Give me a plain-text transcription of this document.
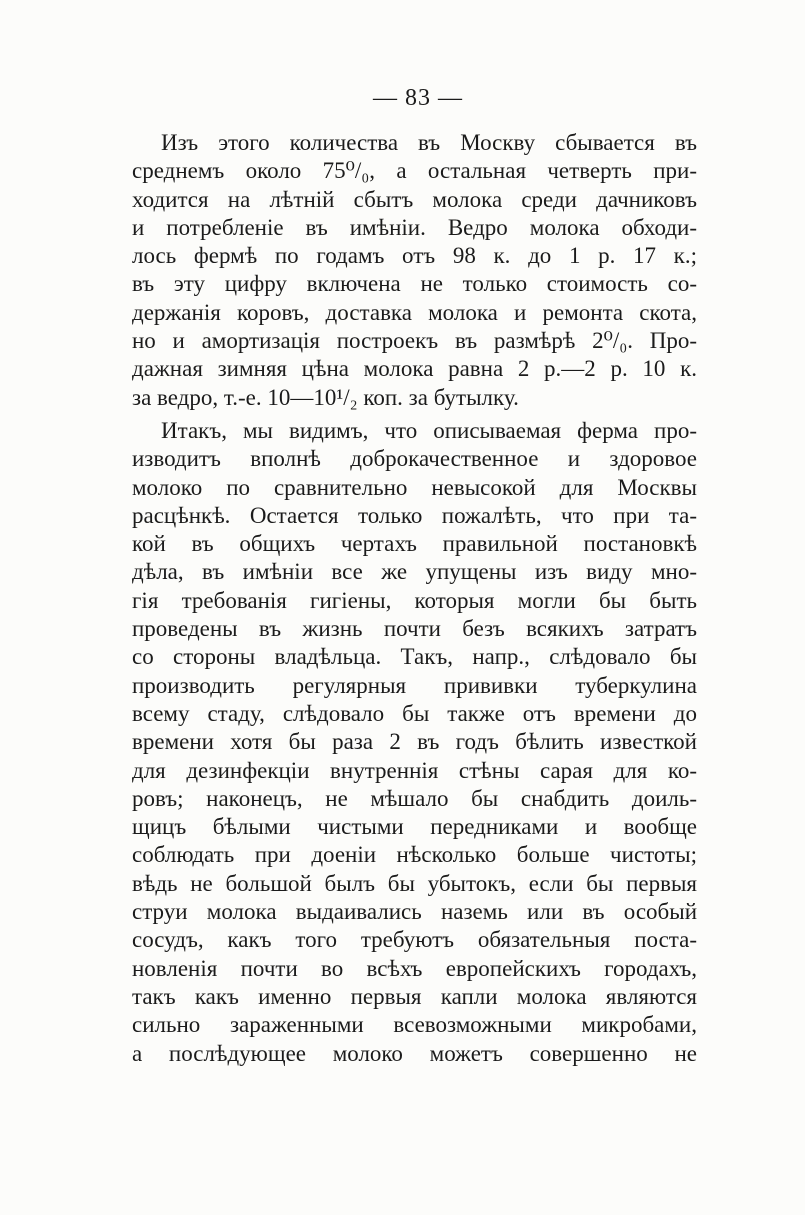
— 83 —
Изъ этого количества въ Москву сбывается въ
среднемъ около 75⁰/₀, а остальная четверть при-
ходится на лѣтній сбытъ молока среди дачниковъ
и потребленіе въ имѣніи. Ведро молока обходи-
лось фермѣ по годамъ отъ 98 к. до 1 р. 17 к.;
въ эту цифру включена не только стоимость со-
держанія коровъ, доставка молока и ремонта скота,
но и амортизація построекъ въ размѣрѣ 2⁰/₀. Про-
дажная зимняя цѣна молока равна 2 р.—2 р. 10 к.
за ведро, т.-е. 10—10¹/₂ коп. за бутылку.
Итакъ, мы видимъ, что описываемая ферма про-
изводитъ вполнѣ доброкачественное и здоровое
молоко по сравнительно невысокой для Москвы
расцѣнкѣ. Остается только пожалѣть, что при та-
кой въ общихъ чертахъ правильной постановкѣ
дѣла, въ имѣніи все же упущены изъ виду мно-
гія требованія гигіены, которыя могли бы быть
проведены въ жизнь почти безъ всякихъ затратъ
со стороны владѣльца. Такъ, напр., слѣдовало бы
производить регулярныя прививки туберкулина
всему стаду, слѣдовало бы также отъ времени до
времени хотя бы раза 2 въ годъ бѣлить известкой
для дезинфекціи внутреннія стѣны сарая для ко-
ровъ; наконецъ, не мѣшало бы снабдить доиль-
щицъ бѣлыми чистыми передниками и вообще
соблюдать при доеніи нѣсколько больше чистоты;
вѣдь не большой былъ бы убытокъ, если бы первыя
струи молока выдаивались наземь или въ особый
сосудъ, какъ того требуютъ обязательныя поста-
новленія почти во всѣхъ европейскихъ городахъ,
такъ какъ именно первыя капли молока являются
сильно зараженными всевозможными микробами,
а послѣдующее молоко можетъ совершенно не
